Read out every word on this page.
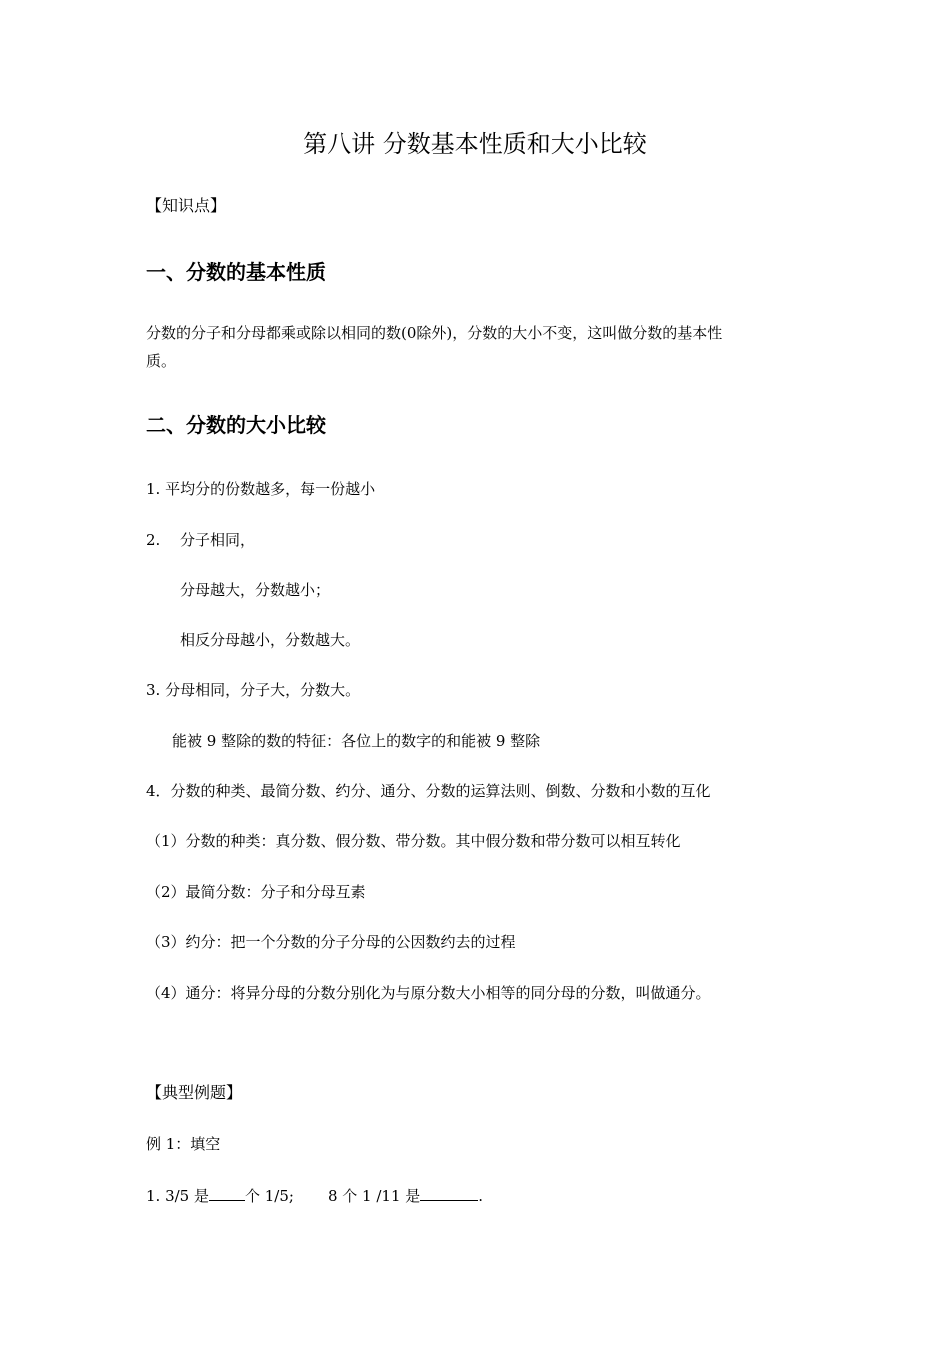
第八讲 分数基本性质和大小比较
【知识点】
一、分数的基本性质
分数的分子和分母都乘或除以相同的数(0除外)，分数的大小不变，这叫做分数的基本性
质。
二、分数的大小比较
1. 平均分的份数越多，每一份越小
2. 分子相同，
分母越大，分数越小；
相反分母越小，分数越大。
3. 分母相同，分子大，分数大。
能被 9 整除的数的特征：各位上的数字的和能被 9 整除
4．分数的种类、最简分数、约分、通分、分数的运算法则、倒数、分数和小数的互化
（1）分数的种类：真分数、假分数、带分数。其中假分数和带分数可以相互转化
（2）最简分数：分子和分母互素
（3）约分：把一个分数的分子分母的公因数约去的过程
（4）通分：将异分母的分数分别化为与原分数大小相等的同分母的分数，叫做通分。
【典型例题】
例 1：填空
1. 3/5 是 个 1/5; 8 个 1 /11 是	.
